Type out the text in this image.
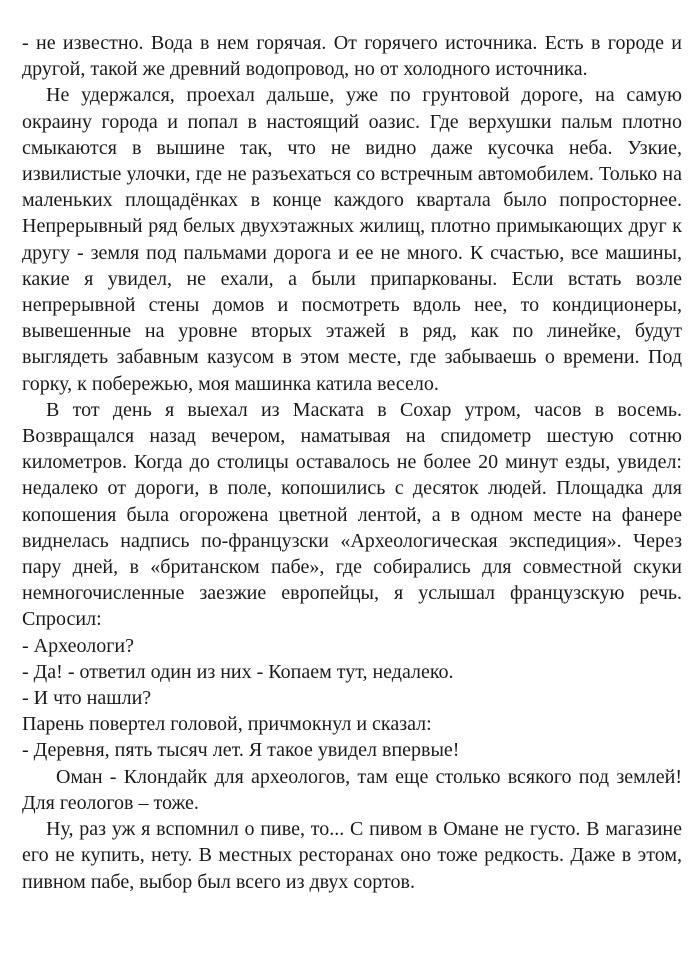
- не известно. Вода в нем горячая. От горячего источника. Есть в городе и другой, такой же древний водопровод, но от холодного источника.

Не удержался, проехал дальше, уже по грунтовой дороге, на самую окраину города и попал в настоящий оазис. Где верхушки пальм плотно смыкаются в вышине так, что не видно даже кусочка неба. Узкие, извилистые улочки, где не разъехаться со встречным автомобилем. Только на маленьких площадёнках в конце каждого квартала было попросторнее. Непрерывный ряд белых двухэтажных жилищ, плотно примыкающих друг к другу - земля под пальмами дорога и ее не много. К счастью, все машины, какие я увидел, не ехали, а были припаркованы. Если встать возле непрерывной стены домов и посмотреть вдоль нее, то кондиционеры, вывешенные на уровне вторых этажей в ряд, как по линейке, будут выглядеть забавным казусом в этом месте, где забываешь о времени. Под горку, к побережью, моя машинка катила весело.

В тот день я выехал из Маската в Сохар утром, часов в восемь. Возвращался назад вечером, наматывая на спидометр шестую сотню километров. Когда до столицы оставалось не более 20 минут езды, увидел: недалеко от дороги, в поле, копошились с десяток людей. Площадка для копошения была огорожена цветной лентой, а в одном месте на фанере виднелась надпись по-французски «Археологическая экспедиция». Через пару дней, в «британском пабе», где собирались для совместной скуки немногочисленные заезжие европейцы, я услышал французскую речь. Спросил:

- Археологи?

- Да! - ответил один из них - Копаем тут, недалеко.

- И что нашли?

Парень повертел головой, причмокнул и сказал:

- Деревня, пять тысяч лет. Я такое увидел впервые!

Оман - Клондайк для археологов, там еще столько всякого под землей! Для геологов – тоже.

Ну, раз уж я вспомнил о пиве, то... С пивом в Омане не густо. В магазине его не купить, нету. В местных ресторанах оно тоже редкость. Даже в этом, пивном пабе, выбор был всего из двух сортов.
